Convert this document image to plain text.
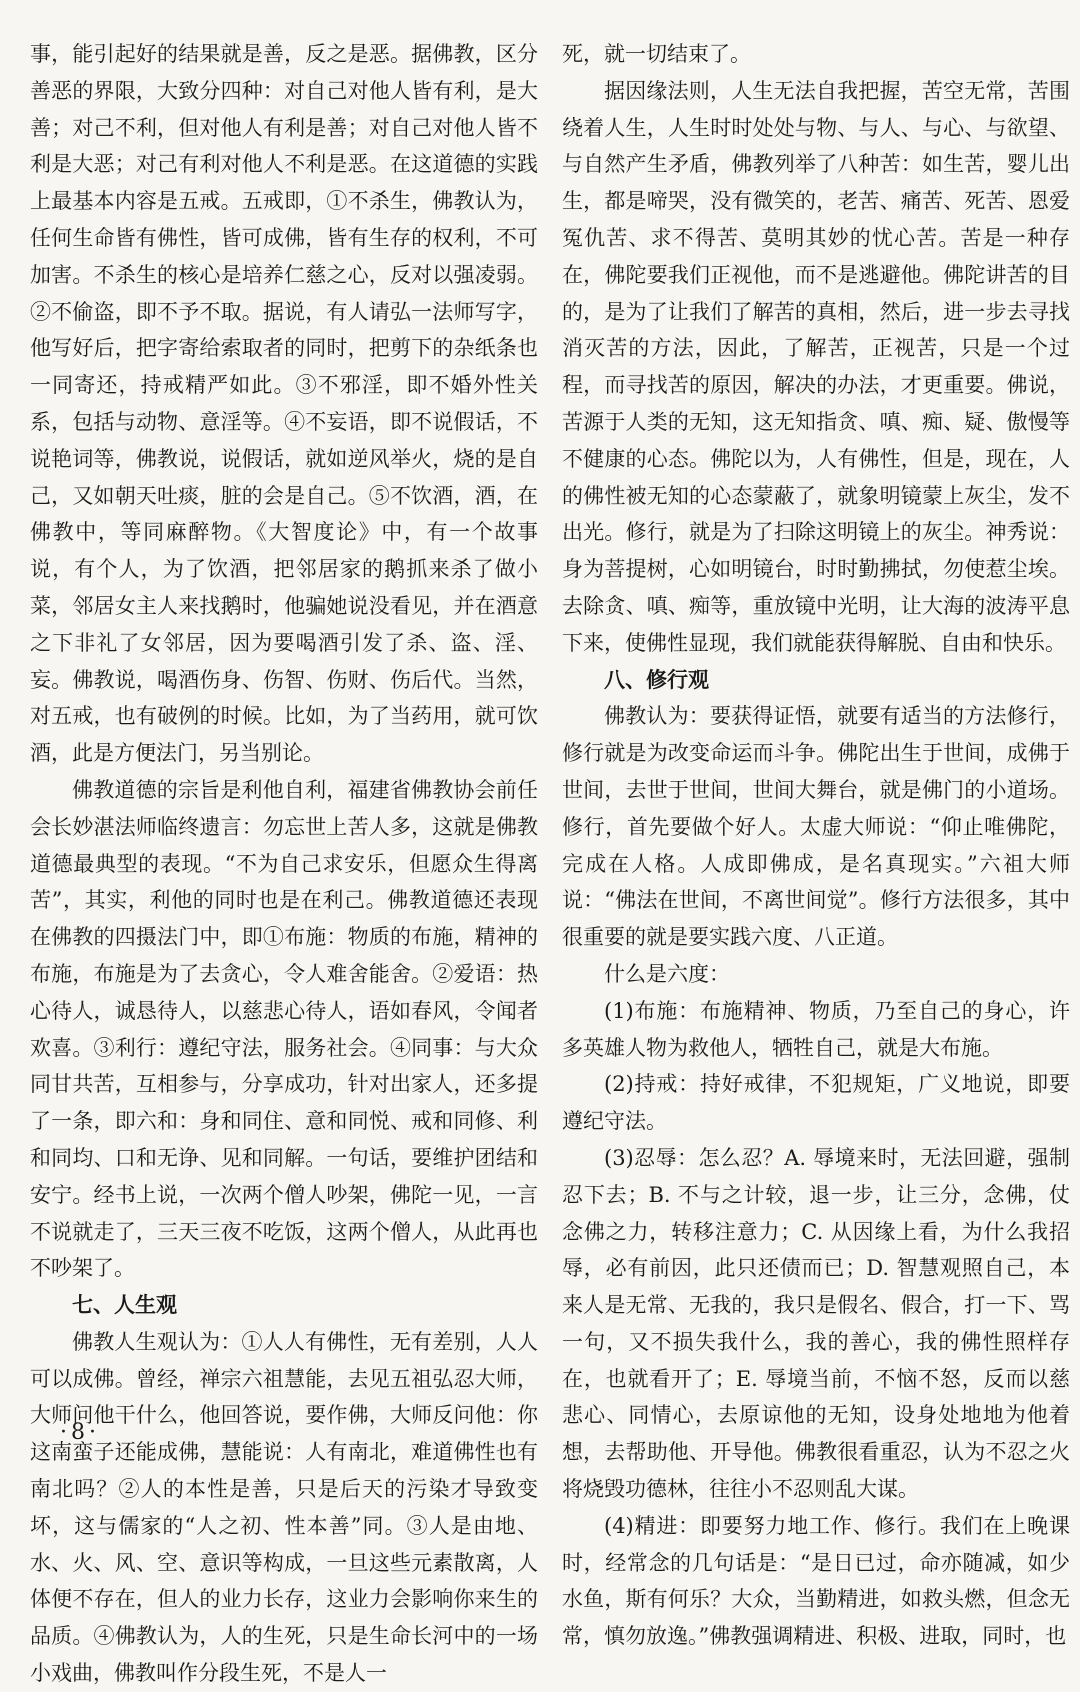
事，能引起好的结果就是善，反之是恶。据佛教，区分善恶的界限，大致分四种：对自己对他人皆有利，是大善；对己不利，但对他人有利是善；对自己对他人皆不利是大恶；对己有利对他人不利是恶。在这道德的实践上最基本内容是五戒。五戒即，①不杀生，佛教认为，任何生命皆有佛性，皆可成佛，皆有生存的权利，不可加害。不杀生的核心是培养仁慈之心，反对以强凌弱。②不偷盗，即不予不取。据说，有人请弘一法师写字，他写好后，把字寄给索取者的同时，把剪下的杂纸条也一同寄还，持戒精严如此。③不邪淫，即不婚外性关系，包括与动物、意淫等。④不妄语，即不说假话，不说艳词等，佛教说，说假话，就如逆风举火，烧的是自己，又如朝天吐痰，脏的会是自己。⑤不饮酒，酒，在佛教中，等同麻醉物。《大智度论》中，有一个故事说，有个人，为了饮酒，把邻居家的鹅抓来杀了做小菜，邻居女主人来找鹅时，他骗她说没看见，并在酒意之下非礼了女邻居，因为要喝酒引发了杀、盗、淫、妄。佛教说，喝酒伤身、伤智、伤财、伤后代。当然，对五戒，也有破例的时候。比如，为了当药用，就可饮酒，此是方便法门，另当别论。

佛教道德的宗旨是利他自利，福建省佛教协会前任会长妙湛法师临终遗言：勿忘世上苦人多，这就是佛教道德最典型的表现。“不为自己求安乐，但愿众生得离苦”，其实，利他的同时也是在利己。佛教道德还表现在佛教的四摄法门中，即①布施：物质的布施，精神的布施，布施是为了去贪心，令人难舍能舍。②爱语：热心待人，诚恳待人，以慈悲心待人，语如春风，令闻者欢喜。③利行：遵纪守法，服务社会。④同事：与大众同甘共苦，互相参与，分享成功，针对出家人，还多提了一条，即六和：身和同住、意和同悦、戒和同修、利和同均、口和无诤、见和同解。一句话，要维护团结和安宁。经书上说，一次两个僧人吵架，佛陀一见，一言不说就走了，三天三夜不吃饭，这两个僧人，从此再也不吵架了。

七、人生观

佛教人生观认为：①人人有佛性，无有差别，人人可以成佛。曾经，禅宗六祖慧能，去见五祖弘忍大师，大师问他干什么，他回答说，要作佛，大师反问他：你这南蛮子还能成佛，慧能说：人有南北，难道佛性也有南北吗？②人的本性是善，只是后天的污染才导致变坏，这与儒家的“人之初、性本善”同。③人是由地、水、火、风、空、意识等构成，一旦这些元素散离，人体便不存在，但人的业力长存，这业力会影响你来生的品质。④佛教认为，人的生死，只是生命长河中的一场小戏曲，佛教叫作分段生死，不是人一

死，就一切结束了。

据因缘法则，人生无法自我把握，苦空无常，苦围绕着人生，人生时时处处与物、与人、与心、与欲望、与自然产生矛盾，佛教列举了八种苦：如生苦，婴儿出生，都是啼哭，没有微笑的，老苦、痛苦、死苦、恩爱冤仇苦、求不得苦、莫明其妙的忧心苦。苦是一种存在，佛陀要我们正视他，而不是逃避他。佛陀讲苦的目的，是为了让我们了解苦的真相，然后，进一步去寻找消灭苦的方法，因此，了解苦，正视苦，只是一个过程，而寻找苦的原因，解决的办法，才更重要。佛说，苦源于人类的无知，这无知指贪、嗔、痴、疑、傲慢等不健康的心态。佛陀以为，人有佛性，但是，现在，人的佛性被无知的心态蒙蔽了，就象明镜蒙上灰尘，发不出光。修行，就是为了扫除这明镜上的灰尘。神秀说：身为菩提树，心如明镜台，时时勤拂拭，勿使惹尘埃。去除贪、嗔、痴等，重放镜中光明，让大海的波涛平息下来，使佛性显现，我们就能获得解脱、自由和快乐。

八、修行观

佛教认为：要获得证悟，就要有适当的方法修行，修行就是为改变命运而斗争。佛陀出生于世间，成佛于世间，去世于世间，世间大舞台，就是佛门的小道场。修行，首先要做个好人。太虚大师说：“仰止唯佛陀，完成在人格。人成即佛成，是名真现实。”六祖大师说：“佛法在世间，不离世间觉”。修行方法很多，其中很重要的就是要实践六度、八正道。

什么是六度：

(1)布施：布施精神、物质，乃至自己的身心，许多英雄人物为救他人，牺牲自己，就是大布施。

(2)持戒：持好戒律，不犯规矩，广义地说，即要遵纪守法。

(3)忍辱：怎么忍？A. 辱境来时，无法回避，强制忍下去；B. 不与之计较，退一步，让三分，念佛，仗念佛之力，转移注意力；C. 从因缘上看，为什么我招辱，必有前因，此只还债而已；D. 智慧观照自己，本来人是无常、无我的，我只是假名、假合，打一下、骂一句，又不损失我什么，我的善心，我的佛性照样存在，也就看开了；E. 辱境当前，不恼不怒，反而以慈悲心、同情心，去原谅他的无知，设身处地地为他着想，去帮助他、开导他。佛教很看重忍，认为不忍之火将烧毁功德林，往往小不忍则乱大谋。

(4)精进：即要努力地工作、修行。我们在上晚课时，经常念的几句话是：“是日已过，命亦随减，如少水鱼，斯有何乐？大众，当勤精进，如救头燃，但念无常，慎勿放逸。”佛教强调精进、积极、进取，同时，也

·8·
